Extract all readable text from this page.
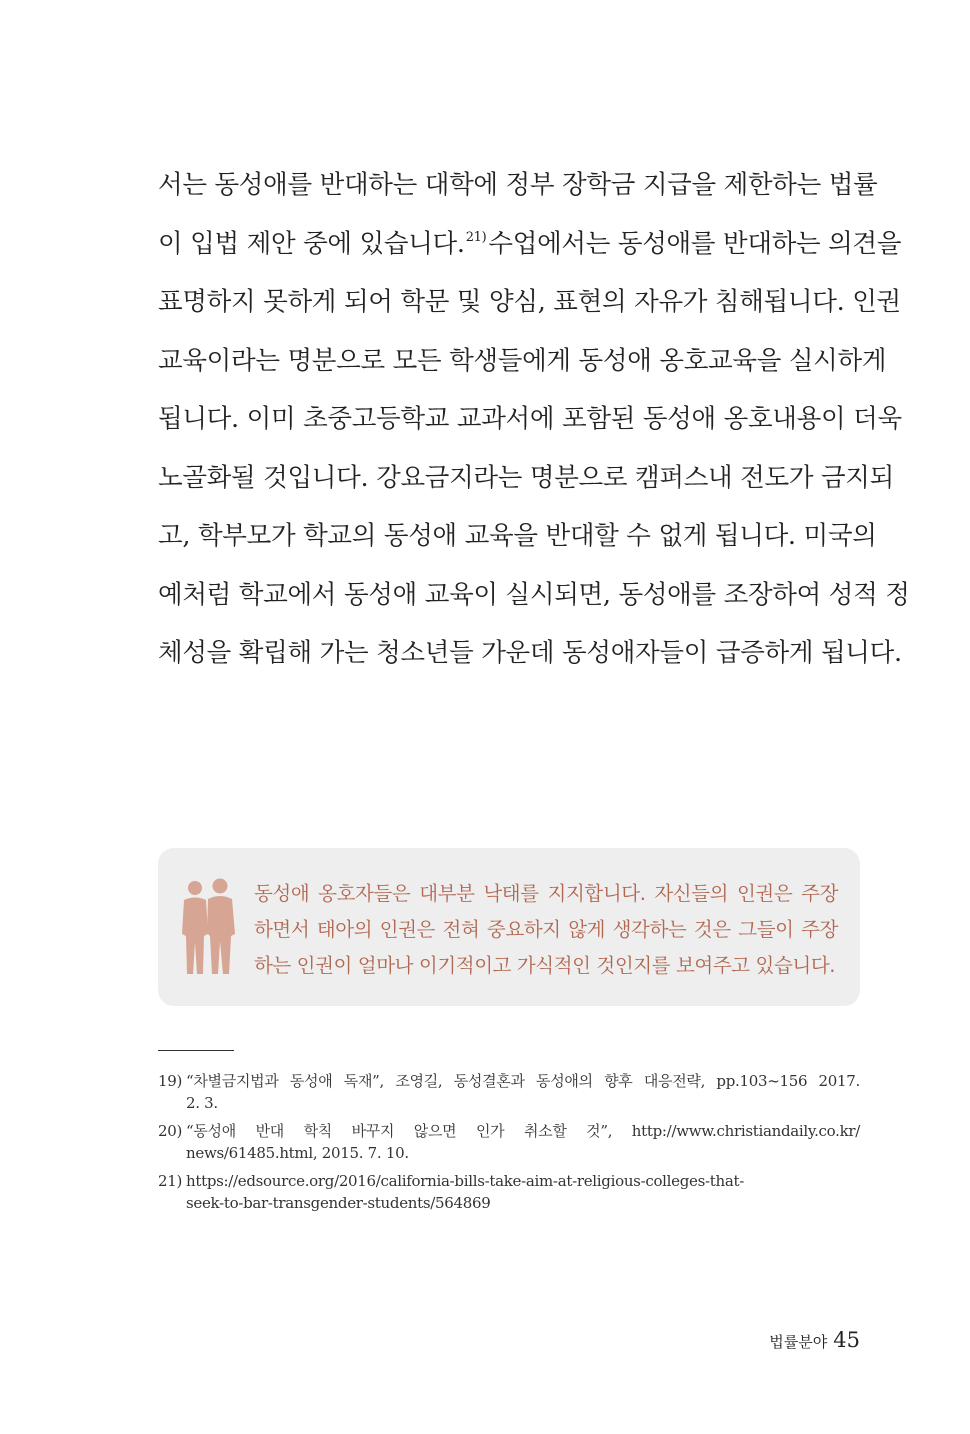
서는 동성애를 반대하는 대학에 정부 장학금 지급을 제한하는 법률
이 입법 제안 중에 있습니다.$^{21)}$수업에서는 동성애를 반대하는 의견을
표명하지 못하게 되어 학문 및 양심, 표현의 자유가 침해됩니다. 인권
교육이라는 명분으로 모든 학생들에게 동성애 옹호교육을 실시하게
됩니다. 이미 초중고등학교 교과서에 포함된 동성애 옹호내용이 더욱
노골화될 것입니다. 강요금지라는 명분으로 캠퍼스내 전도가 금지되
고, 학부모가 학교의 동성애 교육을 반대할 수 없게 됩니다. 미국의
예처럼 학교에서 동성애 교육이 실시되면, 동성애를 조장하여 성적 정
체성을 확립해 가는 청소년들 가운데 동성애자들이 급증하게 됩니다.
동성애 옹호자들은 대부분 낙태를 지지합니다. 자신들의 인권은 주장
하면서 태아의 인권은 전혀 중요하지 않게 생각하는 것은 그들이 주장
하는 인권이 얼마나 이기적이고 가식적인 것인지를 보여주고 있습니다.
19) “차별금지법과 동성애 독재”, 조영길, 동성결혼과 동성애의 향후 대응전략, pp.103~156 2017.
2. 3.
20) “동성애 반대 학칙 바꾸지 않으면 인가 취소할 것”, http://www.christiandaily.co.kr/
news/61485.html, 2015. 7. 10.
21) https://edsource.org/2016/california-bills-take-aim-at-religious-colleges-that-
seek-to-bar-transgender-students/564869
법률분야 45
